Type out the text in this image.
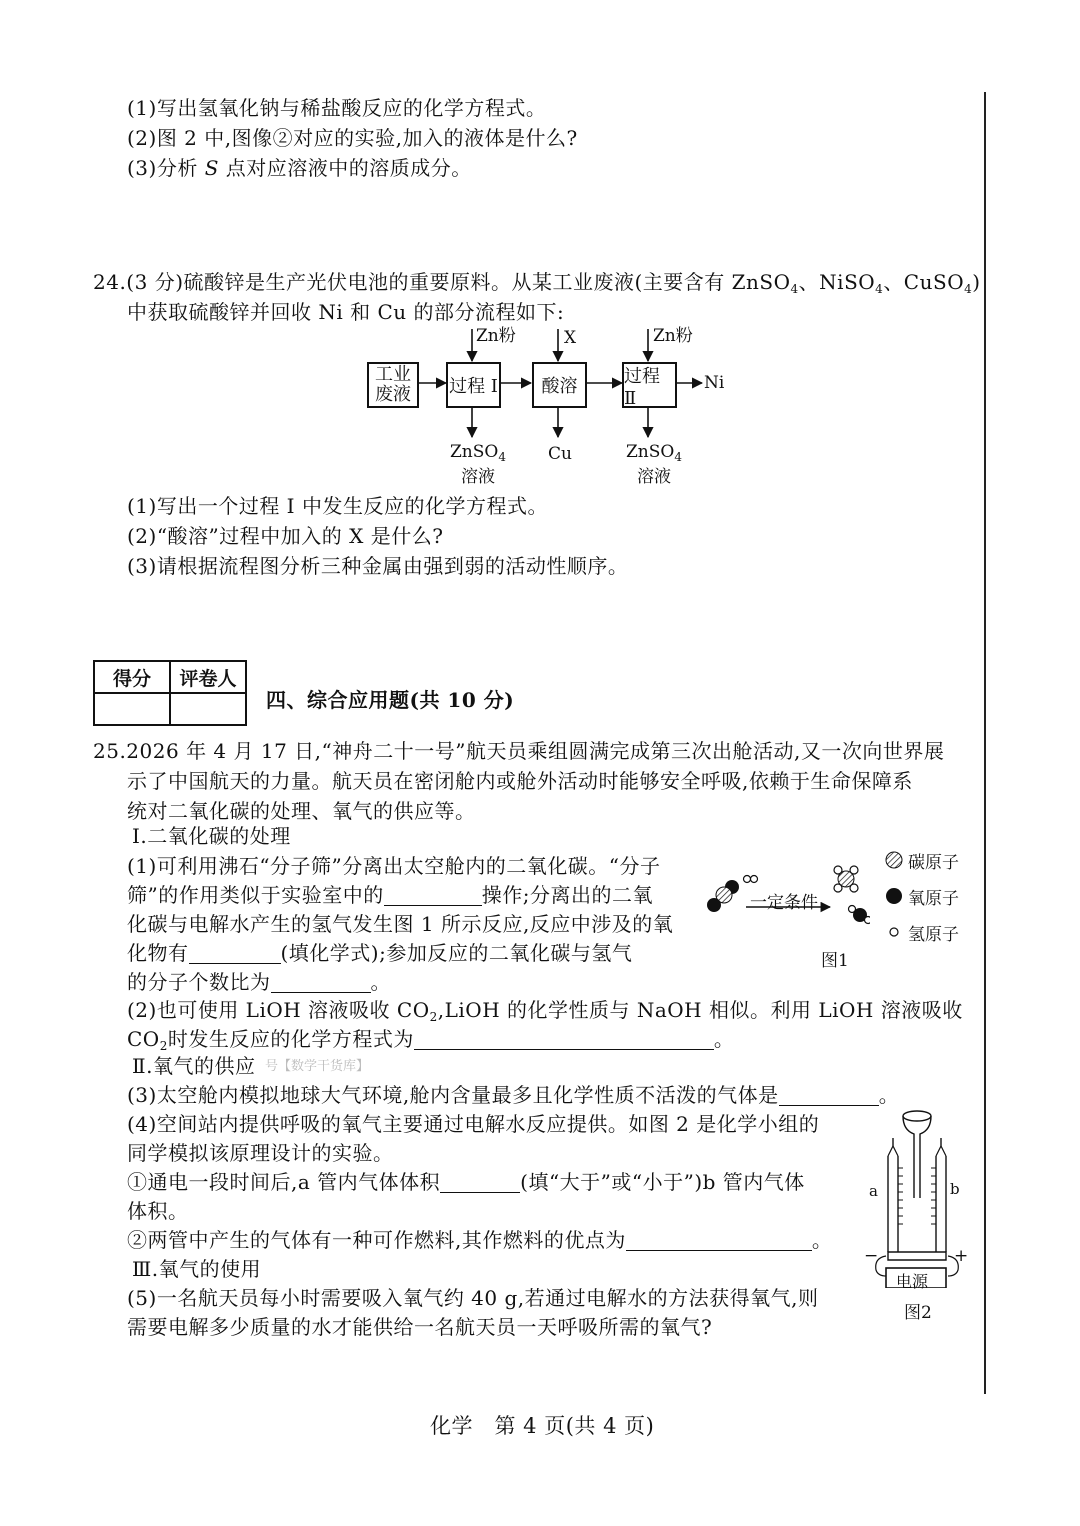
(1)写出氢氧化钠与稀盐酸反应的化学方程式。
(2)图 2 中,图像②对应的实验,加入的液体是什么?
(3)分析 S 点对应溶液中的溶质成分。
24.(3 分)硫酸锌是生产光伏电池的重要原料。从某工业废液(主要含有 ZnSO$_4$、NiSO$_4$、CuSO$_4$)
中获取硫酸锌并回收 Ni 和 Cu 的部分流程如下:
工业
废液 过程 Ⅰ	酸溶	过程 Ⅱ
Zn粉	X	Zn粉
Ni
ZnSO$_4$
溶液
Cu	ZnSO$_4$
溶液
(1)写出一个过程 Ⅰ 中发生反应的化学方程式。
(2)“酸溶”过程中加入的 X 是什么?
(3)请根据流程图分析三种金属由强到弱的活动性顺序。
得分	评卷人

四、综合应用题(共 10 分)
25.2026 年 4 月 17 日,“神舟二十一号”航天员乘组圆满完成第三次出舱活动,又一次向世界展
示了中国航天的力量。航天员在密闭舱内或舱外活动时能够安全呼吸,依赖于生命保障系
统对二氧化碳的处理、氧气的供应等。
Ⅰ.二氧化碳的处理
(1)可利用沸石“分子筛”分离出太空舱内的二氧化碳。“分子
筛”的作用类似于实验室中的	操作;分离出的二氧
化碳与电解水产生的氢气发生图 1 所示反应,反应中涉及的氧
化物有	(填化学式);参加反应的二氧化碳与氢气
的分子个数比为	。
一定条件
图1
碳原子
氧原子
氢原子
(2)也可使用 LiOH 溶液吸收 $CO_2,LiOH$ 的化学性质与 NaOH 相似。利用 LiOH 溶液吸收
$CO_2$时发生反应的化学方程式为	。
Ⅱ.氧气的供应 号【数学干货库】
(3)太空舱内模拟地球大气环境,舱内含量最多且化学性质不活泼的气体是	。
(4)空间站内提供呼吸的氧气主要通过电解水反应提供。如图 2 是化学小组的
同学模拟该原理设计的实验。
①通电一段时间后,a 管内气体体积	(填“大于”或“小于”)b 管内气体
体积。
②两管中产生的气体有一种可作燃料,其作燃料的优点为	。
Ⅲ.氧气的使用
(5)一名航天员每小时需要吸入氧气约 40 g,若通过电解水的方法获得氧气,则
需要电解多少质量的水才能供给一名航天员一天呼吸所需的氧气?
a	b
−	+
电源
图2
化学　第 4 页(共 4 页)
